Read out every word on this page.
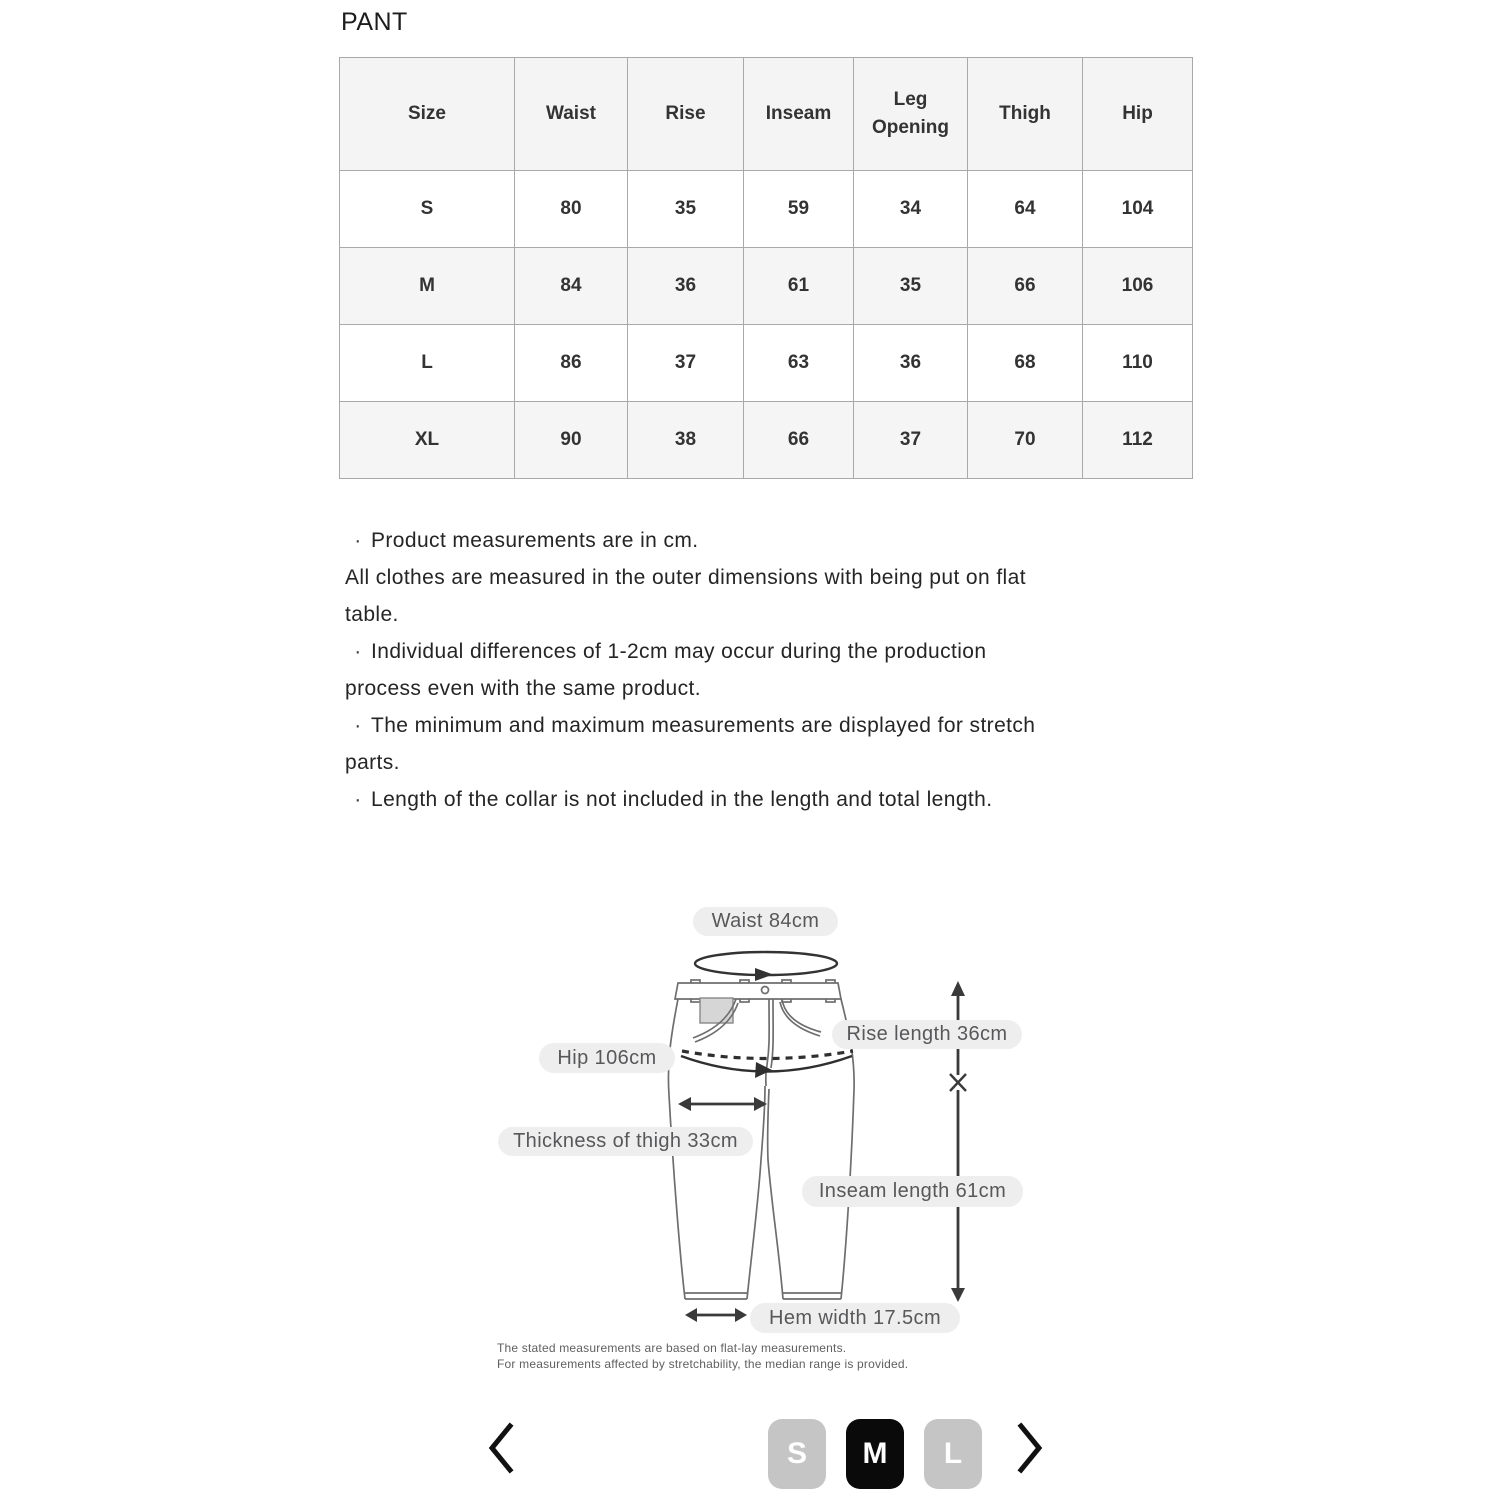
PANT
Size	Waist	Rise	Inseam	Leg Opening	Thigh	Hip
S	80	35	59	34	64	104
M	84	36	61	35	66	106
L	86	37	63	36	68	110
XL	90	38	66	37	70	112
· Product measurements are in cm.
All clothes are measured in the outer dimensions with being put on flat
table.
· Individual differences of 1-2cm may occur during the production
process even with the same product.
· The minimum and maximum measurements are displayed for stretch
parts.
· Length of the collar is not included in the length and total length.
Waist 84cm
Rise length 36cm
Hip 106cm
Thickness of thigh 33cm
Inseam length 61cm
Hem width 17.5cm
The stated measurements are based on flat-lay measurements.
For measurements affected by stretchability, the median range is provided.
S	M	L
